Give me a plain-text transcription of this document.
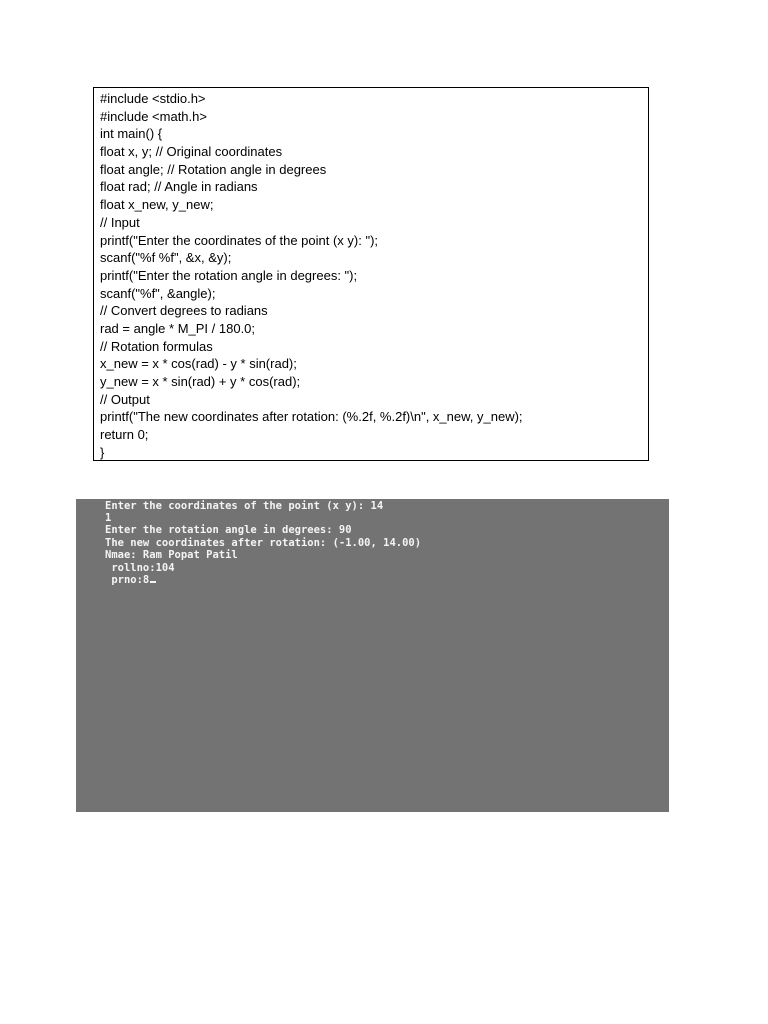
#include <stdio.h>
#include <math.h>
int main() {
float x, y; // Original coordinates
float angle; // Rotation angle in degrees
float rad; // Angle in radians
float x_new, y_new;
// Input
printf("Enter the coordinates of the point (x y): ");
scanf("%f %f", &x, &y);
printf("Enter the rotation angle in degrees: ");
scanf("%f", &angle);
// Convert degrees to radians
rad = angle * M_PI / 180.0;
// Rotation formulas
x_new = x * cos(rad) - y * sin(rad);
y_new = x * sin(rad) + y * cos(rad);
// Output
printf("The new coordinates after rotation: (%.2f, %.2f)\n", x_new, y_new);
return 0;
}
Enter the coordinates of the point (x y): 14
1
Enter the rotation angle in degrees: 90
The new coordinates after rotation: (-1.00, 14.00)
Nmae: Ram Popat Patil
rollno:104
prno:8
